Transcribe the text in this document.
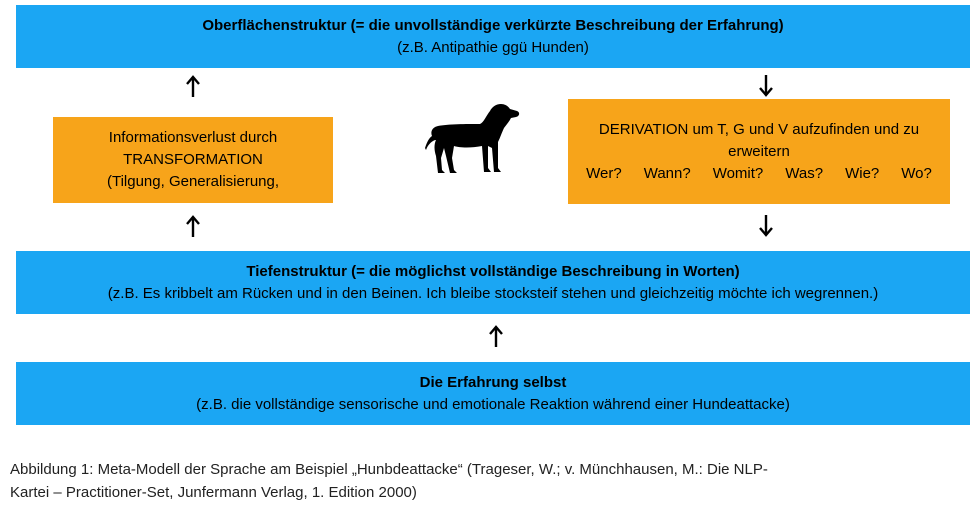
Oberflächenstruktur (= die unvollständige verkürzte Beschreibung der Erfahrung)
(z.B. Antipathie ggü Hunden)
Informationsverlust durch
TRANSFORMATION
(Tilgung, Generalisierung,
DERIVATION um T, G und V aufzufinden und zu
erweitern
Wer? Wann? Womit? Was? Wie? Wo?
Tiefenstruktur (= die möglichst vollständige Beschreibung in Worten)
(z.B. Es kribbelt am Rücken und in den Beinen. Ich bleibe stocksteif stehen und gleichzeitig möchte ich wegrennen.)
Die Erfahrung selbst
(z.B. die vollständige sensorische und emotionale Reaktion während einer Hundeattacke)
Abbildung 1: Meta-Modell der Sprache am Beispiel „Hunbdeattacke“ (Trageser, W.; v. Münchhausen, M.: Die NLP-
Kartei – Practitioner-Set, Junfermann Verlag, 1. Edition 2000)
